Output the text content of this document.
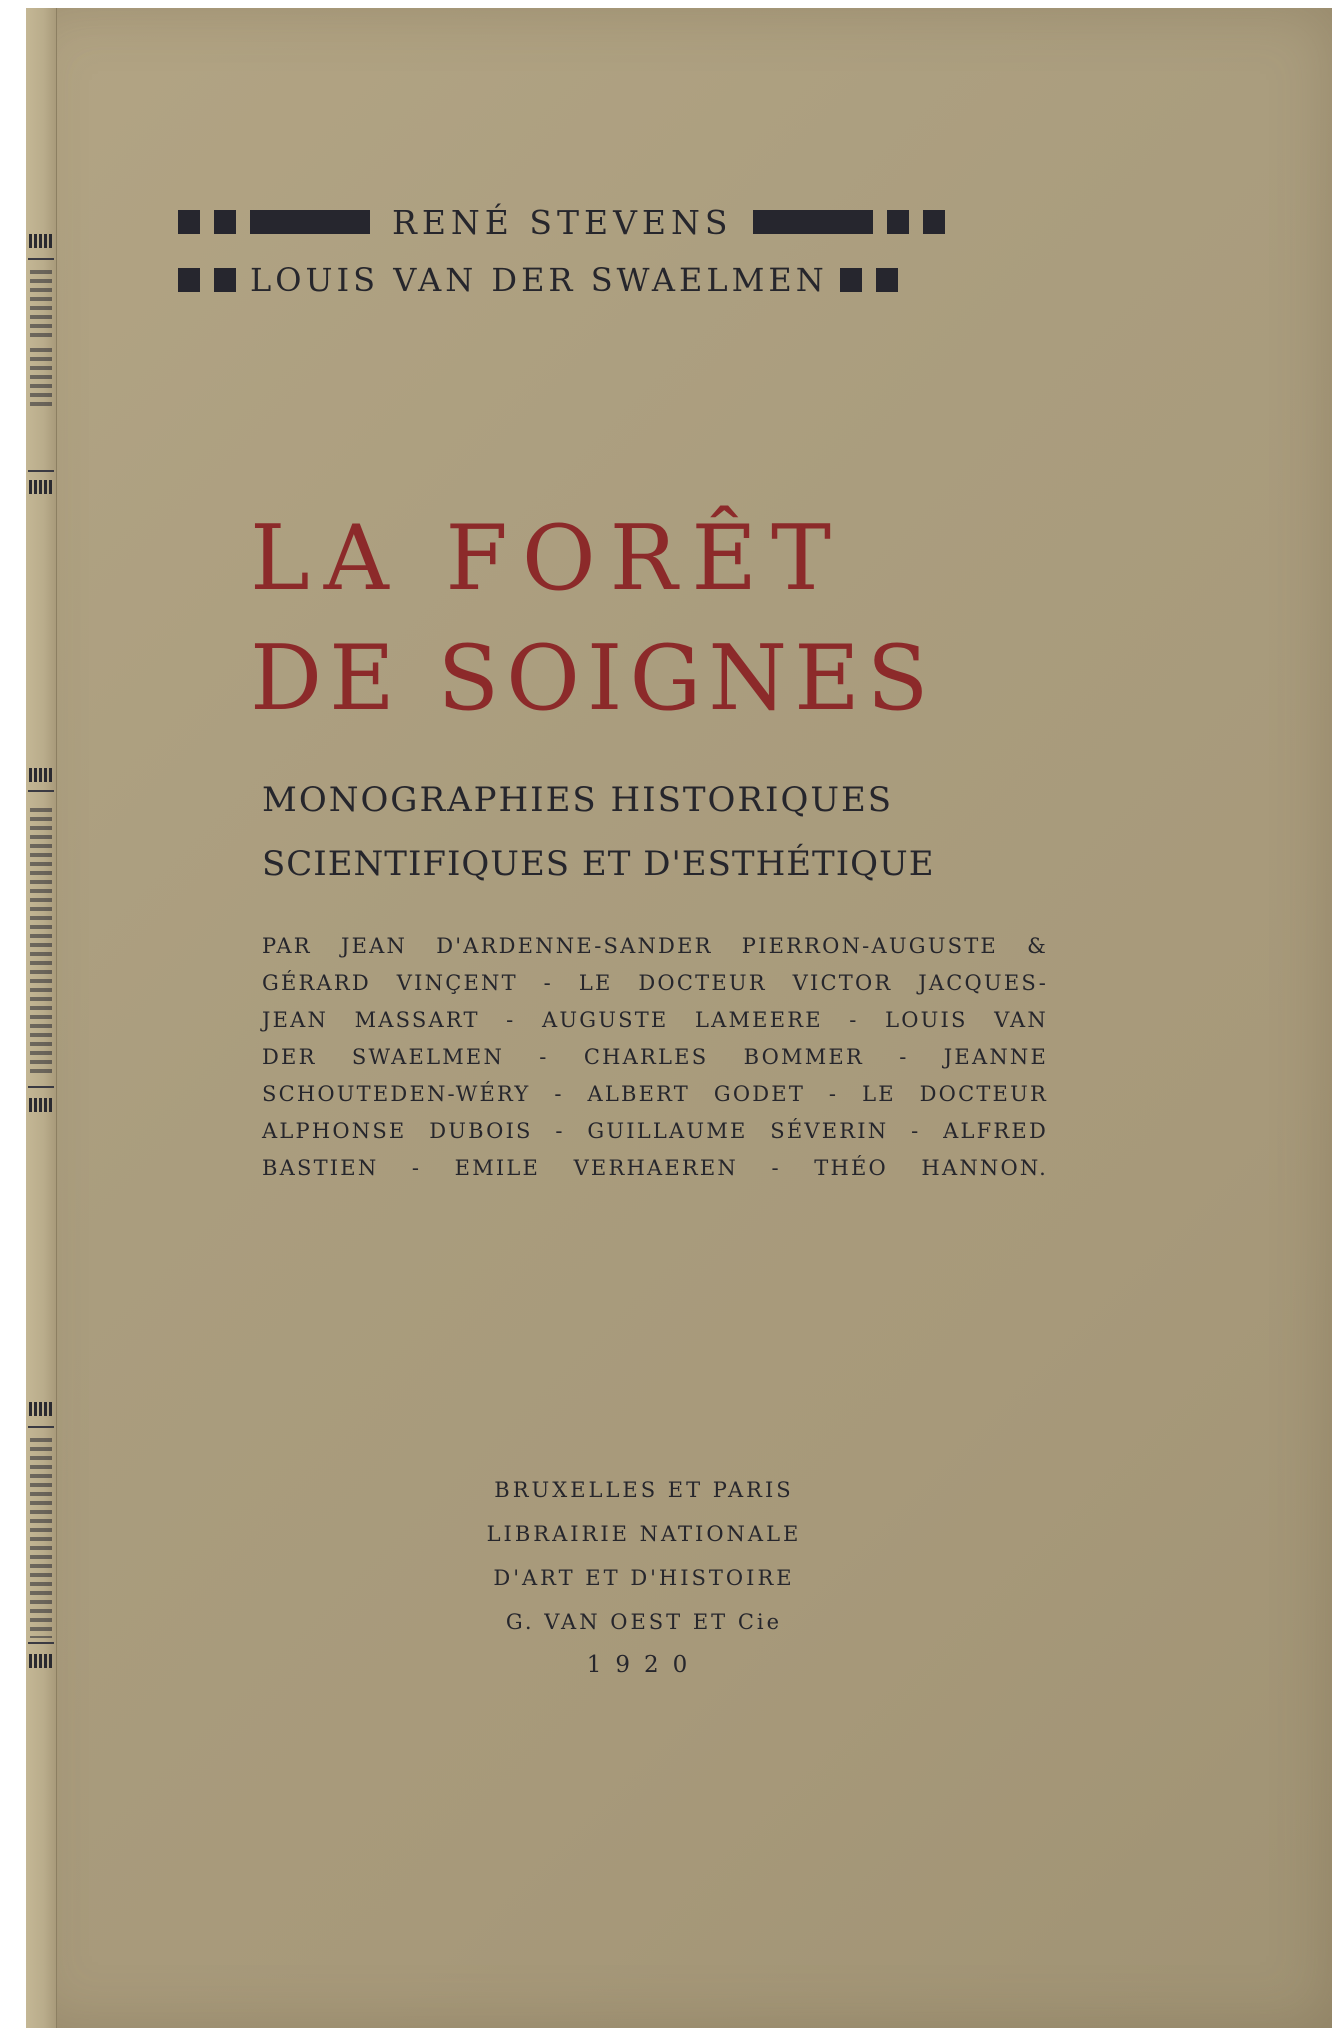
RENÉ STEVENS
LOUIS VAN DER SWAELMEN
LA FORÊT
DE SOIGNES

MONOGRAPHIES HISTORIQUES

SCIENTIFIQUES ET D'ESTHÉTIQUE

PAR JEAN D'ARDENNE-SANDER PIERRON-AUGUSTE &

GÉRARD VINÇENT - LE DOCTEUR VICTOR JACQUES-

JEAN MASSART - AUGUSTE LAMEERE - LOUIS VAN

DER SWAELMEN - CHARLES BOMMER - JEANNE

SCHOUTEDEN-WÉRY - ALBERT GODET - LE DOCTEUR

ALPHONSE DUBOIS - GUILLAUME SÉVERIN - ALFRED

BASTIEN - EMILE VERHAEREN - THÉO HANNON.

BRUXELLES ET PARIS

LIBRAIRIE NATIONALE

D'ART ET D'HISTOIRE

G. VAN OEST ET Cie

1920
